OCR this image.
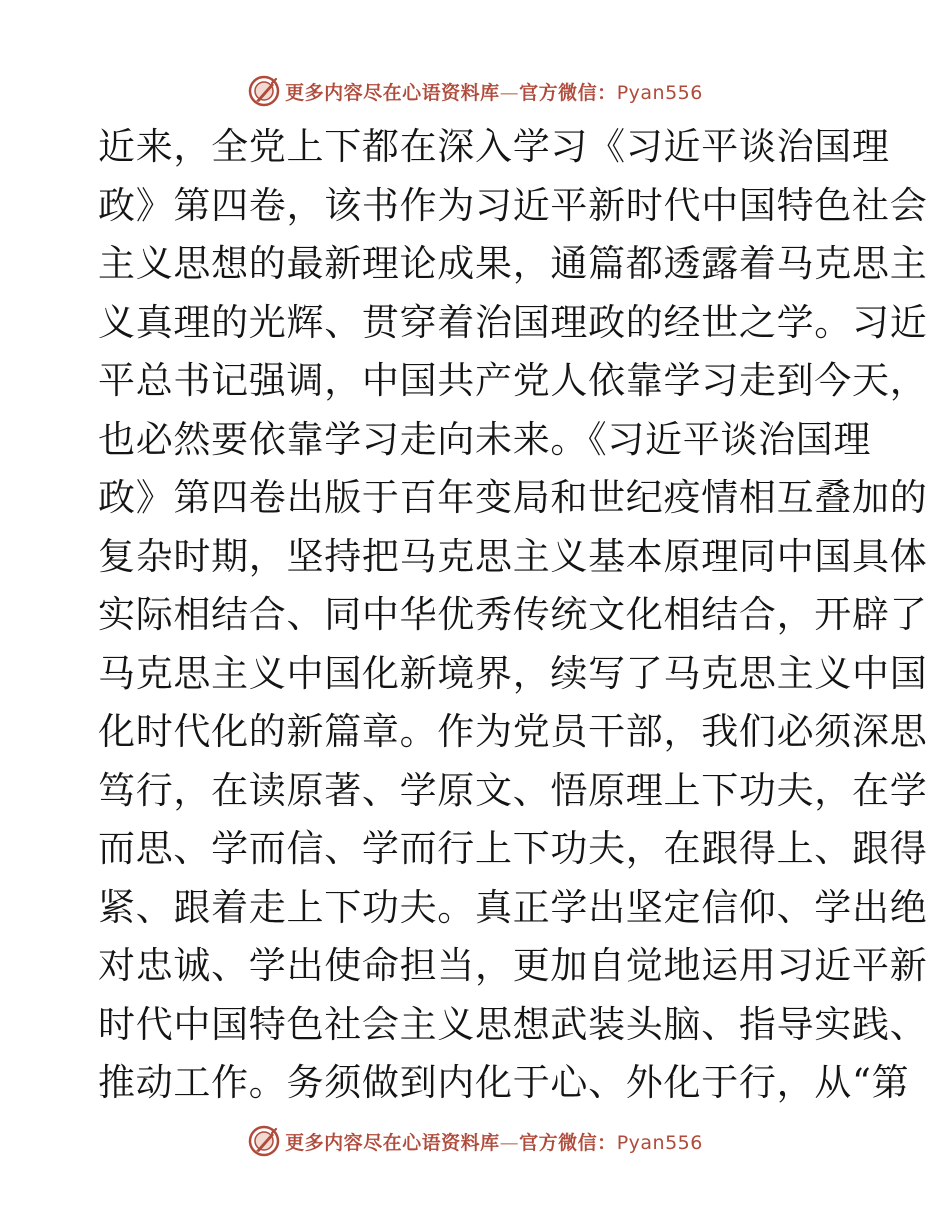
更多内容尽在心语资料库—官方微信：Pyan556
近来，全党上下都在深入学习《习近平谈治国理
政》第四卷，该书作为习近平新时代中国特色社会
主义思想的最新理论成果，通篇都透露着马克思主
义真理的光辉、贯穿着治国理政的经世之学。习近
平总书记强调，中国共产党人依靠学习走到今天，
也必然要依靠学习走向未来。《习近平谈治国理
政》第四卷出版于百年变局和世纪疫情相互叠加的
复杂时期，坚持把马克思主义基本原理同中国具体
实际相结合、同中华优秀传统文化相结合，开辟了
马克思主义中国化新境界，续写了马克思主义中国
化时代化的新篇章。作为党员干部，我们必须深思
笃行，在读原著、学原文、悟原理上下功夫，在学
而思、学而信、学而行上下功夫，在跟得上、跟得
紧、跟着走上下功夫。真正学出坚定信仰、学出绝
对忠诚、学出使命担当，更加自觉地运用习近平新
时代中国特色社会主义思想武装头脑、指导实践、
推动工作。务须做到内化于心、外化于行，从“第
更多内容尽在心语资料库—官方微信：Pyan556
